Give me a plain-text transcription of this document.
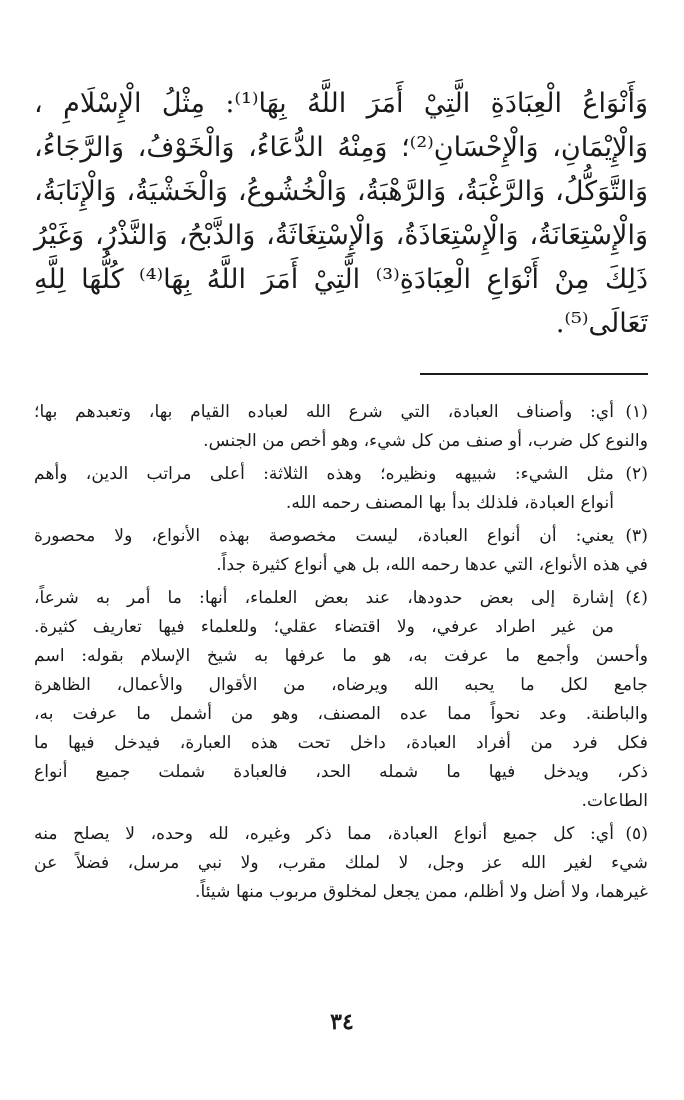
وَأَنْوَاعُ الْعِبَادَةِ الَّتِيْ أَمَرَ اللَّهُ بِهَا⁽¹⁾: مِثْلُ الْإِسْلَامِ ،
وَالْإِيْمَانِ، وَالْإِحْسَانِ⁽²⁾؛ وَمِنْهُ الدُّعَاءُ، وَالْخَوْفُ، وَالرَّجَاءُ،
وَالتَّوَكُّلُ، وَالرَّغْبَةُ، وَالرَّهْبَةُ، وَالْخُشُوعُ، وَالْخَشْيَةُ، وَالْإِنَابَةُ،
وَالْإِسْتِعَانَةُ، وَالْإِسْتِعَاذَةُ، وَالْإِسْتِغَاثَةُ، وَالذَّبْحُ، وَالنَّذْرُ، وَغَيْرُ
ذَلِكَ مِنْ أَنْوَاعِ الْعِبَادَةِ⁽³⁾ الَّتِيْ أَمَرَ اللَّهُ بِهَا⁽⁴⁾ كُلُّهَا لِلَّهِ
تَعَالَى⁽⁵⁾.
(١)
أي: وأصناف العبادة، التي شرع الله لعباده القيام بها، وتعبدهم بها؛
والنوع كل ضرب، أو صنف من كل شيء، وهو أخص من الجنس.
(٢)
مثل الشيء: شبيهه ونظيره؛ وهذه الثلاثة: أعلى مراتب الدين، وأهم
أنواع العبادة، فلذلك بدأ بها المصنف رحمه الله.
(٣)
يعني: أن أنواع العبادة، ليست مخصوصة بهذه الأنواع، ولا محصورة
في هذه الأنواع، التي عدها رحمه الله، بل هي أنواع كثيرة جداً.
(٤)
إشارة إلى بعض حدودها، عند بعض العلماء، أنها: ما أمر به شرعاً،
من غير اطراد عرفي، ولا اقتضاء عقلي؛ وللعلماء فيها تعاريف كثيرة.
وأحسن وأجمع ما عرفت به، هو ما عرفها به شيخ الإسلام بقوله: اسم
جامع لكل ما يحبه الله ويرضاه، من الأقوال والأعمال، الظاهرة
والباطنة. وعد نحواً مما عده المصنف، وهو من أشمل ما عرفت به،
فكل فرد من أفراد العبادة، داخل تحت هذه العبارة، فيدخل فيها ما
ذكر، ويدخل فيها ما شمله الحد، فالعبادة شملت جميع أنواع
الطاعات.
(٥)
أي: كل جميع أنواع العبادة، مما ذكر وغيره، لله وحده، لا يصلح منه
شيء لغير الله عز وجل، لا لملك مقرب، ولا نبي مرسل، فضلاً عن
غيرهما، ولا أضل ولا أظلم، ممن يجعل لمخلوق مربوب منها شيئاً.
٣٤
